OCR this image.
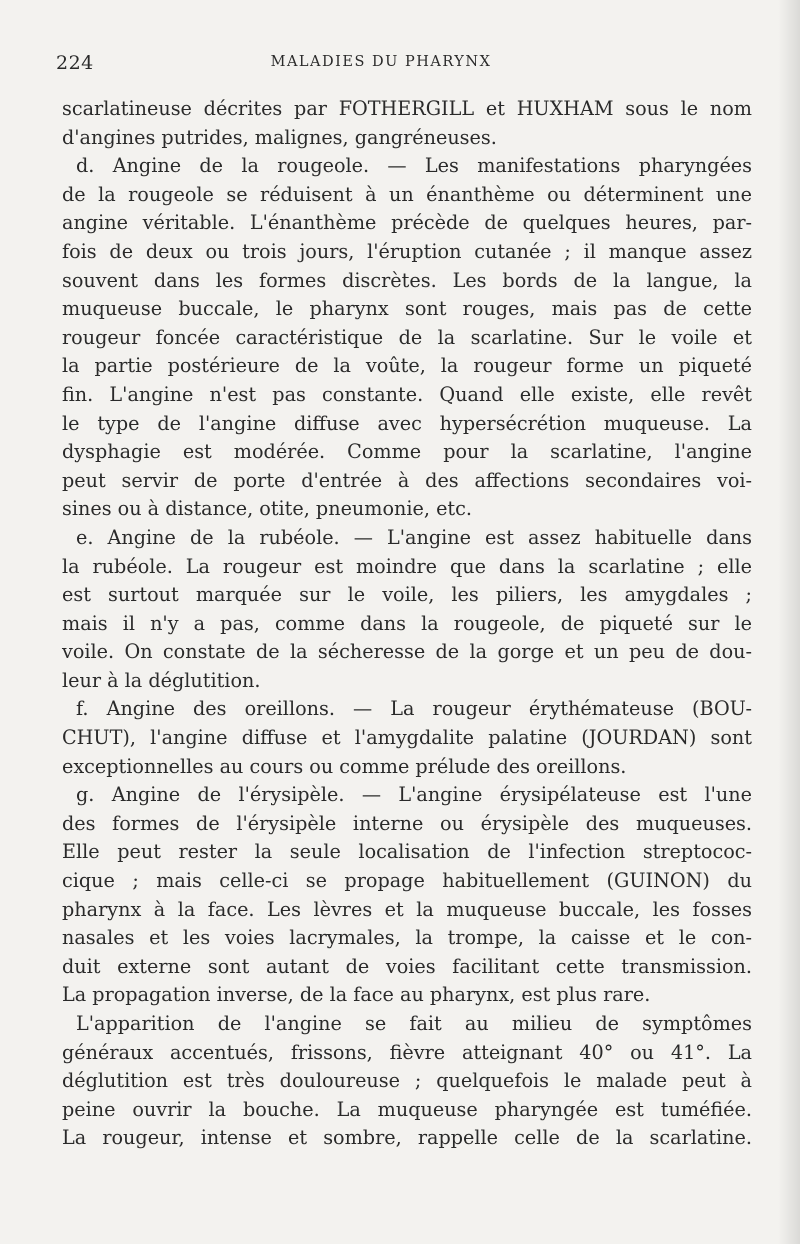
224	MALADIES DU PHARYNX
scarlatineuse décrites par FOTHERGILL et HUXHAM sous le nom
d'angines putrides, malignes, gangréneuses.
d. Angine de la rougeole. — Les manifestations pharyngées
de la rougeole se réduisent à un énanthème ou déterminent une
angine véritable. L'énanthème précède de quelques heures, par-
fois de deux ou trois jours, l'éruption cutanée ; il manque assez
souvent dans les formes discrètes. Les bords de la langue, la
muqueuse buccale, le pharynx sont rouges, mais pas de cette
rougeur foncée caractéristique de la scarlatine. Sur le voile et
la partie postérieure de la voûte, la rougeur forme un piqueté
fin. L'angine n'est pas constante. Quand elle existe, elle revêt
le type de l'angine diffuse avec hypersécrétion muqueuse. La
dysphagie est modérée. Comme pour la scarlatine, l'angine
peut servir de porte d'entrée à des affections secondaires voi-
sines ou à distance, otite, pneumonie, etc.
e. Angine de la rubéole. — L'angine est assez habituelle dans
la rubéole. La rougeur est moindre que dans la scarlatine ; elle
est surtout marquée sur le voile, les piliers, les amygdales ;
mais il n'y a pas, comme dans la rougeole, de piqueté sur le
voile. On constate de la sécheresse de la gorge et un peu de dou-
leur à la déglutition.
f. Angine des oreillons. — La rougeur érythémateuse (BOU-
CHUT), l'angine diffuse et l'amygdalite palatine (JOURDAN) sont
exceptionnelles au cours ou comme prélude des oreillons.
g. Angine de l'érysipèle. — L'angine érysipélateuse est l'une
des formes de l'érysipèle interne ou érysipèle des muqueuses.
Elle peut rester la seule localisation de l'infection streptococ-
cique ; mais celle-ci se propage habituellement (GUINON) du
pharynx à la face. Les lèvres et la muqueuse buccale, les fosses
nasales et les voies lacrymales, la trompe, la caisse et le con-
duit externe sont autant de voies facilitant cette transmission.
La propagation inverse, de la face au pharynx, est plus rare.
L'apparition de l'angine se fait au milieu de symptômes
généraux accentués, frissons, fièvre atteignant 40° ou 41°. La
déglutition est très douloureuse ; quelquefois le malade peut à
peine ouvrir la bouche. La muqueuse pharyngée est tuméfiée.
La rougeur, intense et sombre, rappelle celle de la scarlatine.
